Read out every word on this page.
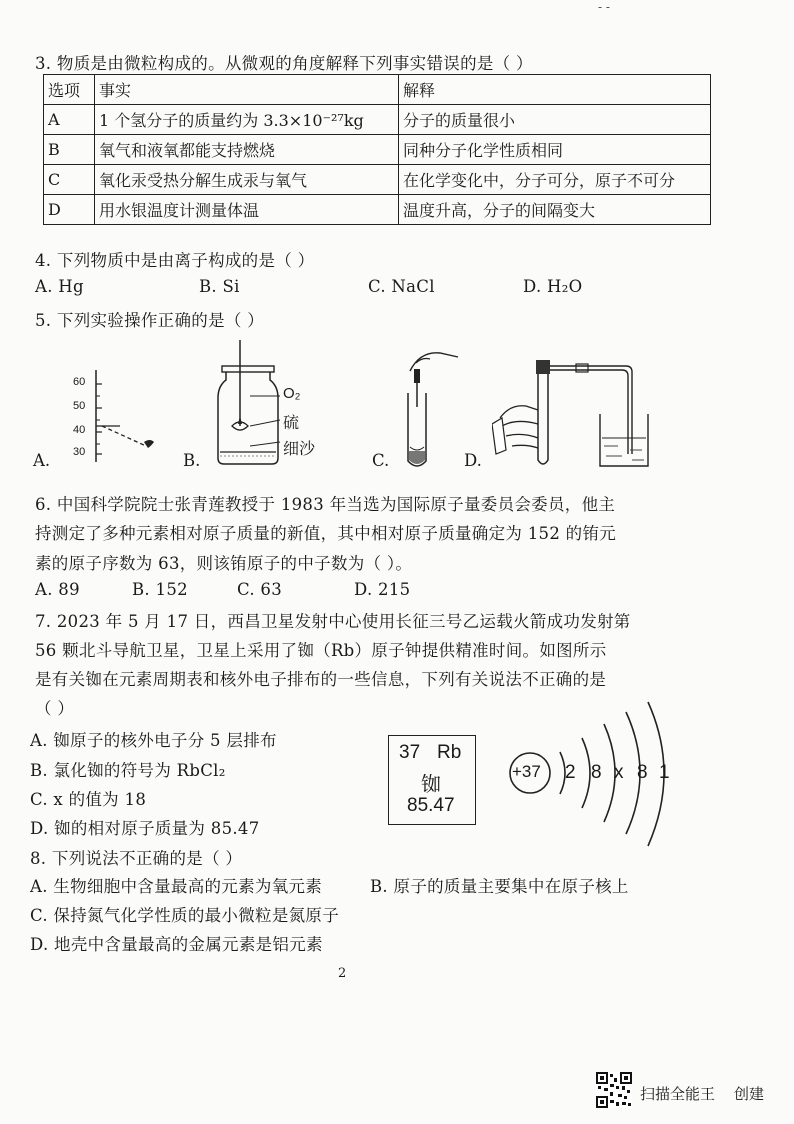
- -
3. 物质是由微粒构成的。从微观的角度解释下列事实错误的是（ ）
选项	事实	解释
A	1 个氢分子的质量约为 3.3×10⁻²⁷kg	分子的质量很小
B	氧气和液氧都能支持燃烧	同种分子化学性质相同
C	氧化汞受热分解生成汞与氧气	在化学变化中，分子可分，原子不可分
D	用水银温度计测量体温	温度升高，分子的间隔变大
4. 下列物质中是由离子构成的是（ ）
A. Hg	B. Si	C. NaCl	D. H₂O
5. 下列实验操作正确的是（ ）
60
50
40
30
A.
O₂
硫
细沙
B.	C.	D.
6. 中国科学院院士张青莲教授于 1983 年当选为国际原子量委员会委员，他主
持测定了多种元素相对原子质量的新值，其中相对原子质量确定为 152 的铕元
素的原子序数为 63，则该铕原子的中子数为（ ）。
A. 89	B. 152	C. 63	D. 215
7. 2023 年 5 月 17 日，西昌卫星发射中心使用长征三号乙运载火箭成功发射第
56 颗北斗导航卫星，卫星上采用了铷（Rb）原子钟提供精准时间。如图所示
是有关铷在元素周期表和核外电子排布的一些信息，下列有关说法不正确的是
（ ）
A. 铷原子的核外电子分 5 层排布
B. 氯化铷的符号为 RbCl₂
C. x 的值为 18
D. 铷的相对原子质量为 85.47
37 Rb
铷
85.47
+37 2 8 x 8 1
8. 下列说法不正确的是（ ）
A. 生物细胞中含量最高的元素为氧元素	B. 原子的质量主要集中在原子核上
C. 保持氮气化学性质的最小微粒是氮原子
D. 地壳中含量最高的金属元素是铝元素
2
扫描全能王 创建
